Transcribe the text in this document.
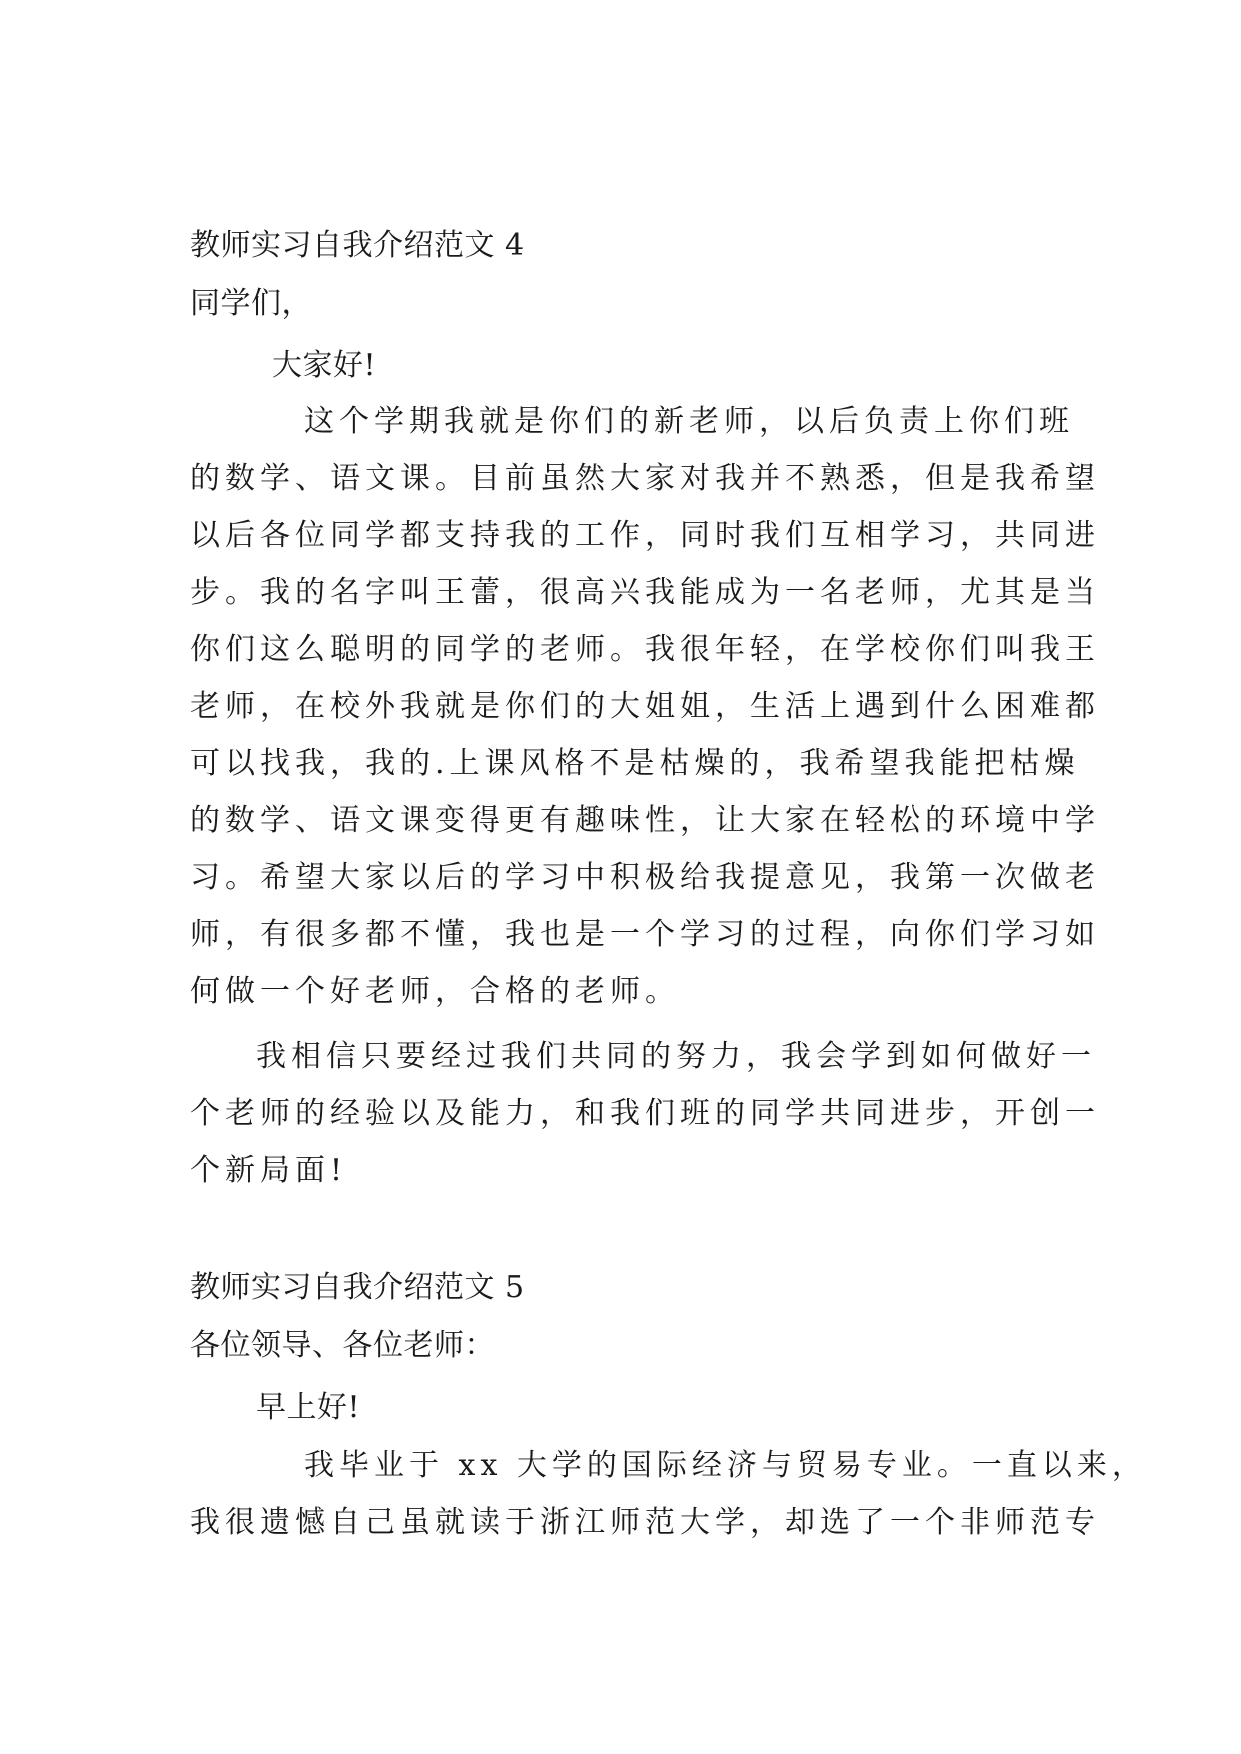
教师实习自我介绍范文 4
同学们，
大家好!
这个学期我就是你们的新老师，以后负责上你们班
的数学、语文课。目前虽然大家对我并不熟悉，但是我希望
以后各位同学都支持我的工作，同时我们互相学习，共同进
步。我的名字叫王蕾，很高兴我能成为一名老师，尤其是当
你们这么聪明的同学的老师。我很年轻，在学校你们叫我王
老师，在校外我就是你们的大姐姐，生活上遇到什么困难都
可以找我，我的.上课风格不是枯燥的，我希望我能把枯燥
的数学、语文课变得更有趣味性，让大家在轻松的环境中学
习。希望大家以后的学习中积极给我提意见，我第一次做老
师，有很多都不懂，我也是一个学习的过程，向你们学习如
何做一个好老师，合格的老师。
我相信只要经过我们共同的努力，我会学到如何做好一
个老师的经验以及能力，和我们班的同学共同进步，开创一
个新局面!
教师实习自我介绍范文 5
各位领导、各位老师：
早上好!
我毕业于 xx 大学的国际经济与贸易专业。一直以来，
我很遗憾自己虽就读于浙江师范大学，却选了一个非师范专
